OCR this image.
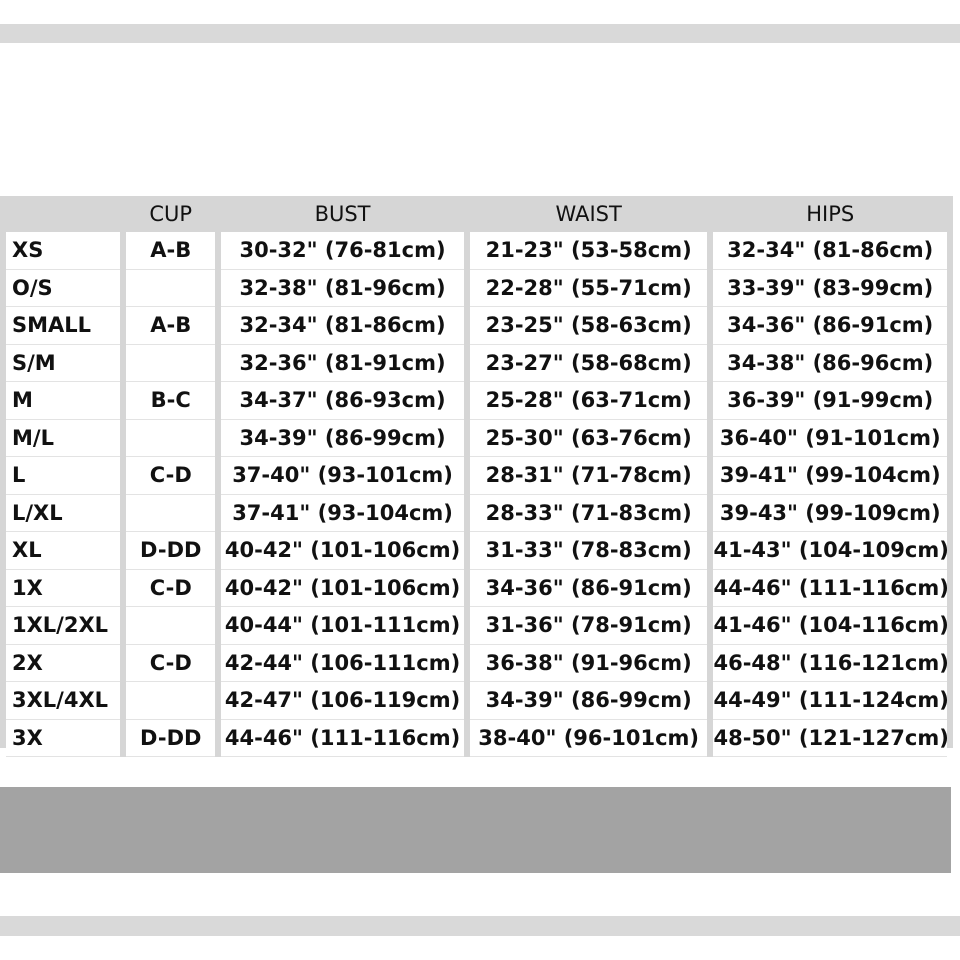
		CUP		BUST		WAIST		HIPS
XS		A-B		30-32" (76-81cm)		21-23" (53-58cm)		32-34" (81-86cm)
O/S				32-38" (81-96cm)		22-28" (55-71cm)		33-39" (83-99cm)
SMALL		A-B		32-34" (81-86cm)		23-25" (58-63cm)		34-36" (86-91cm)
S/M				32-36" (81-91cm)		23-27" (58-68cm)		34-38" (86-96cm)
M		B-C		34-37" (86-93cm)		25-28" (63-71cm)		36-39" (91-99cm)
M/L				34-39" (86-99cm)		25-30" (63-76cm)		36-40" (91-101cm)
L		C-D		37-40" (93-101cm)		28-31" (71-78cm)		39-41" (99-104cm)
L/XL				37-41" (93-104cm)		28-33" (71-83cm)		39-43" (99-109cm)
XL		D-DD		40-42" (101-106cm)		31-33" (78-83cm)		41-43" (104-109cm)
1X		C-D		40-42" (101-106cm)		34-36" (86-91cm)		44-46" (111-116cm)
1XL/2XL				40-44" (101-111cm)		31-36" (78-91cm)		41-46" (104-116cm)
2X		C-D		42-44" (106-111cm)		36-38" (91-96cm)		46-48" (116-121cm)
3XL/4XL				42-47" (106-119cm)		34-39" (86-99cm)		44-49" (111-124cm)
3X		D-DD		44-46" (111-116cm)		38-40" (96-101cm)		48-50" (121-127cm)
